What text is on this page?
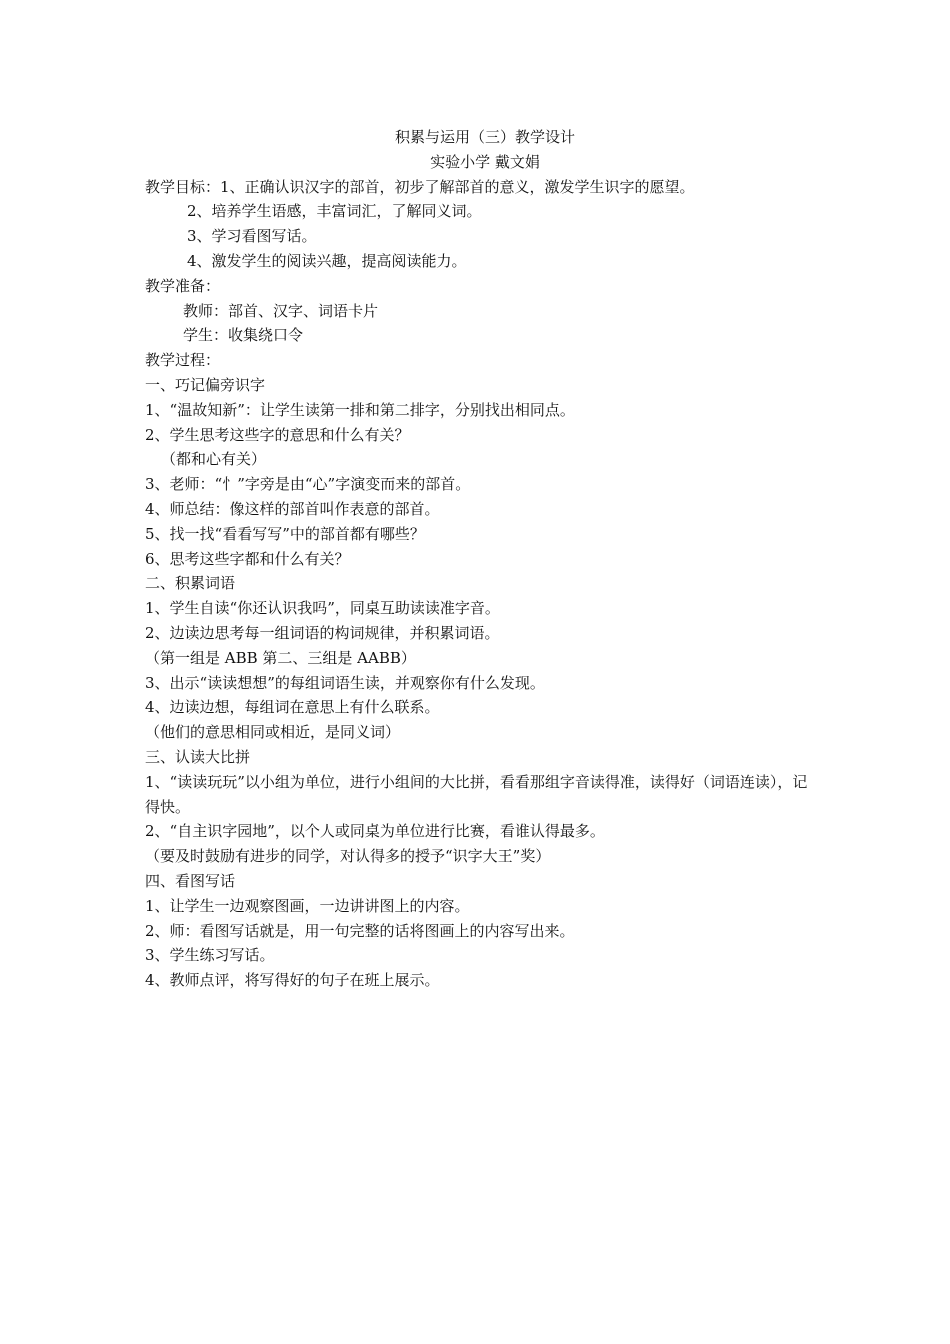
积累与运用（三）教学设计
实验小学 戴文娟
教学目标：1、正确认识汉字的部首，初步了解部首的意义，激发学生识字的愿望。
2、培养学生语感，丰富词汇，了解同义词。
3、学习看图写话。
4、激发学生的阅读兴趣，提高阅读能力。
教学准备：
教师：部首、汉字、词语卡片
学生：收集绕口令
教学过程：
一、巧记偏旁识字
1、“温故知新”：让学生读第一排和第二排字，分别找出相同点。
2、学生思考这些字的意思和什么有关？
（都和心有关）
3、老师：“忄”字旁是由“心”字演变而来的部首。
4、师总结：像这样的部首叫作表意的部首。
5、找一找“看看写写”中的部首都有哪些？
6、思考这些字都和什么有关？
二、积累词语
1、学生自读“你还认识我吗”，同桌互助读读准字音。
2、边读边思考每一组词语的构词规律，并积累词语。
（第一组是 ABB 第二、三组是 AABB）
3、出示“读读想想”的每组词语生读，并观察你有什么发现。
4、边读边想，每组词在意思上有什么联系。
（他们的意思相同或相近，是同义词）
三、认读大比拼
1、“读读玩玩”以小组为单位，进行小组间的大比拼，看看那组字音读得准，读得好（词语连读），记得快。
2、“自主识字园地”，以个人或同桌为单位进行比赛，看谁认得最多。
（要及时鼓励有进步的同学，对认得多的授予“识字大王”奖）
四、看图写话
1、让学生一边观察图画，一边讲讲图上的内容。
2、师：看图写话就是，用一句完整的话将图画上的内容写出来。
3、学生练习写话。
4、教师点评，将写得好的句子在班上展示。
